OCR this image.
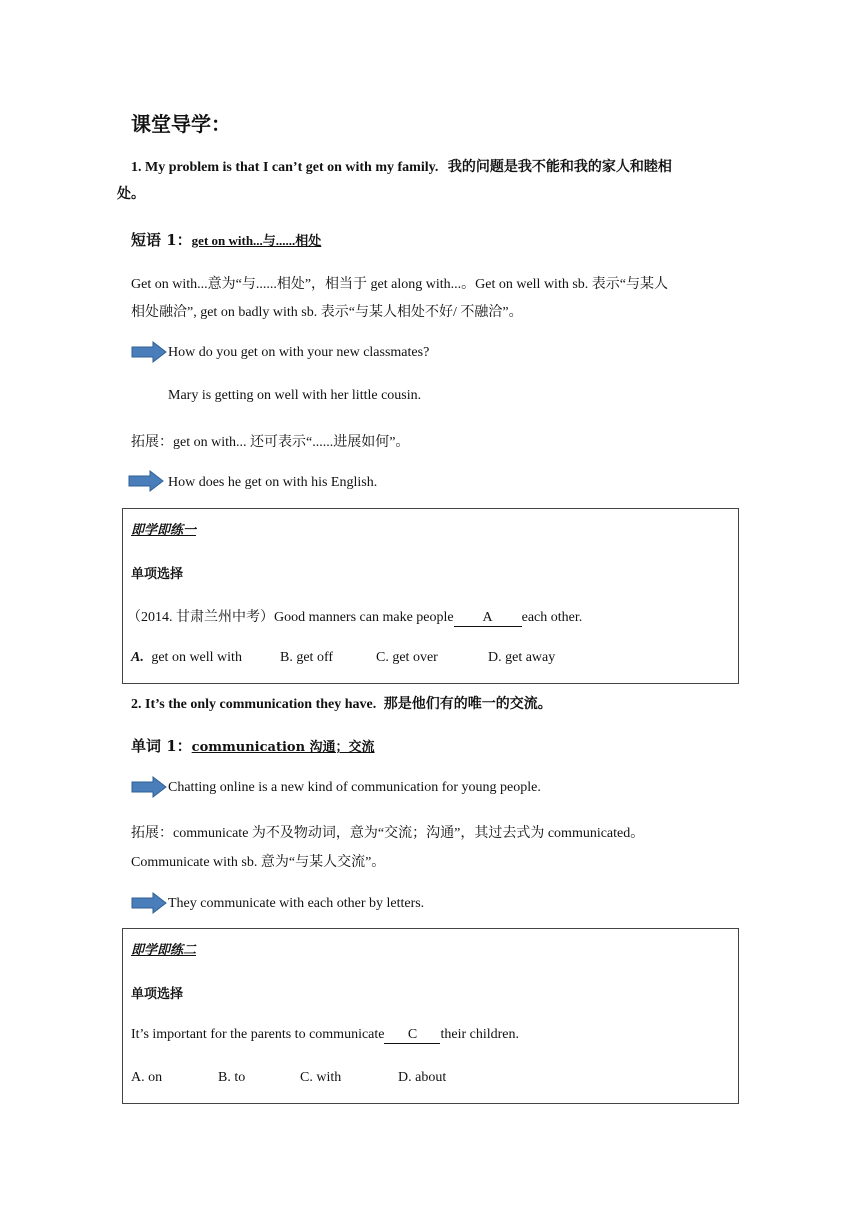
课堂导学：
1. My problem is that I can’t get on with my family. 我的问题是我不能和我的家人和睦相
处。
短语 1：get on with...与......相处
Get on with...意为“与......相处”，相当于 get along with...。Get on well with sb. 表示“与某人
相处融洽”, get on badly with sb. 表示“与某人相处不好/ 不融洽”。
How do you get on with your new classmates?
Mary is getting on well with her little cousin.
拓展：get on with... 还可表示“......进展如何”。
How does he get on with his English.
即学即练一
单项选择
（2014. 甘肃兰州中考）Good manners can make people A each other.
A. get on well with	B. get off	C. get over	D. get away
2. It’s the only communication they have. 那是他们有的唯一的交流。
单词 1：communication 沟通；交流
Chatting online is a new kind of communication for young people.
拓展：communicate 为不及物动词，意为“交流；沟通”，其过去式为 communicated。
Communicate with sb. 意为“与某人交流”。
They communicate with each other by letters.
即学即练二
单项选择
It’s important for the parents to communicate C their children.
A. on	B. to	C. with	D. about
